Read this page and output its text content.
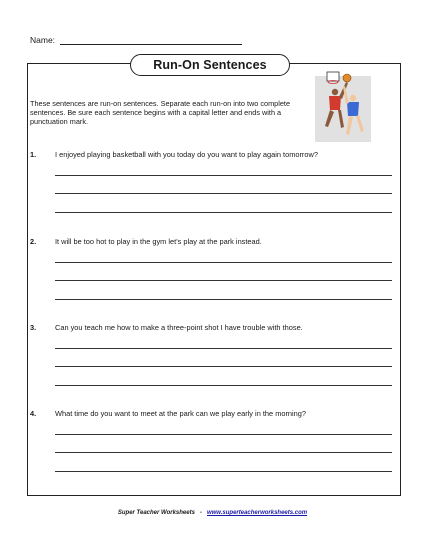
Name:
Run-On Sentences
These sentences are run-on sentences. Separate each run-on into two complete sentences. Be sure each sentence begins with a capital letter and ends with a punctuation mark.
1.	I enjoyed playing basketball with you today do you want to play again tomorrow?
2.	It will be too hot to play in the gym let's play at the park instead.
3.	Can you teach me how to make a three-point shot I have trouble with those.
4.	What time do you want to meet at the park can we play early in the morning?
Super Teacher Worksheets - www.superteacherworksheets.com
